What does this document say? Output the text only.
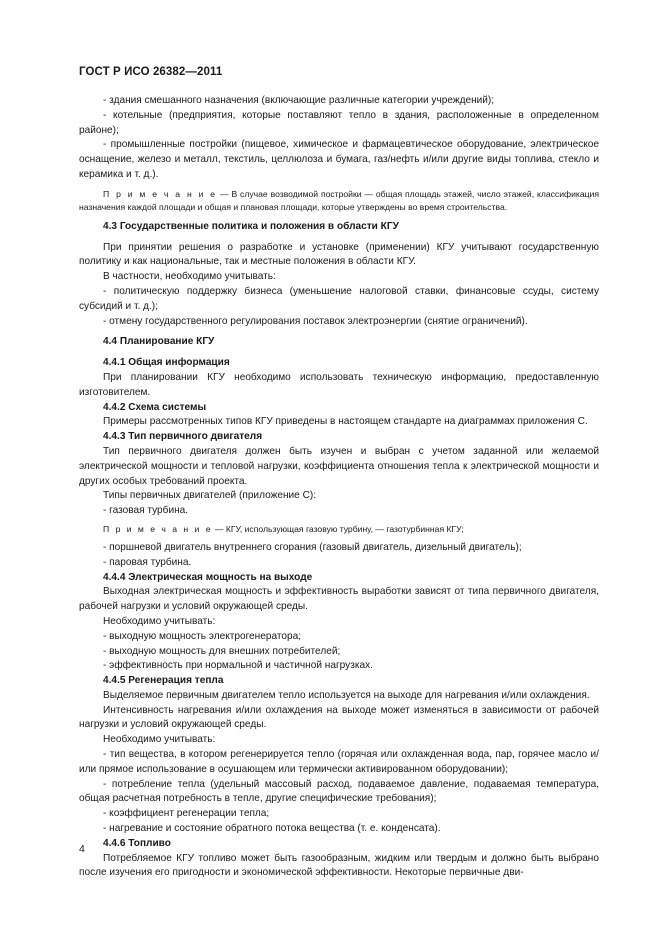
ГОСТ Р ИСО 26382—2011

- здания смешанного назначения (включающие различные категории учреждений);

- котельные (предприятия, которые поставляют тепло в здания, расположенные в определенном районе);

- промышленные постройки (пищевое, химическое и фармацевтическое оборудование, электрическое оснащение, железо и металл, текстиль, целлюлоза и бумага, газ/нефть и/или другие виды топлива, стекло и керамика и т. д.).

П р и м е ч а н и е — В случае возводимой постройки — общая площадь этажей, число этажей, классификация назначения каждой площади и общая и плановая площади, которые утверждены во время строительства.

4.3 Государственные политика и положения в области КГУ

При принятии решения о разработке и установке (применении) КГУ учитывают государственную политику и как национальные, так и местные положения в области КГУ.

В частности, необходимо учитывать:

- политическую поддержку бизнеса (уменьшение налоговой ставки, финансовые ссуды, систему субсидий и т. д.);

- отмену государственного регулирования поставок электроэнергии (снятие ограничений).

4.4 Планирование КГУ

4.4.1 Общая информация

При планировании КГУ необходимо использовать техническую информацию, предоставленную изготовителем.

4.4.2 Схема системы

Примеры рассмотренных типов КГУ приведены в настоящем стандарте на диаграммах приложения С.

4.4.3 Тип первичного двигателя

Тип первичного двигателя должен быть изучен и выбран с учетом заданной или желаемой электрической мощности и тепловой нагрузки, коэффициента отношения тепла к электрической мощности и других особых требований проекта.

Типы первичных двигателей (приложение С):

- газовая турбина.

П р и м е ч а н и е — КГУ, использующая газовую турбину, — газотурбинная КГУ;

- поршневой двигатель внутреннего сгорания (газовый двигатель, дизельный двигатель);

- паровая турбина.

4.4.4 Электрическая мощность на выходе

Выходная электрическая мощность и эффективность выработки зависят от типа первичного двигателя, рабочей нагрузки и условий окружающей среды.

Необходимо учитывать:

- выходную мощность электрогенератора;

- выходную мощность для внешних потребителей;

- эффективность при нормальной и частичной нагрузках.

4.4.5 Регенерация тепла

Выделяемое первичным двигателем тепло используется на выходе для нагревания и/или охлаждения.

Интенсивность нагревания и/или охлаждения на выходе может изменяться в зависимости от рабочей нагрузки и условий окружающей среды.

Необходимо учитывать:

- тип вещества, в котором регенерируется тепло (горячая или охлажденная вода, пар, горячее масло и/или прямое использование в осушающем или термически активированном оборудовании);

- потребление тепла (удельный массовый расход, подаваемое давление, подаваемая температура, общая расчетная потребность в тепле, другие специфические требования);

- коэффициент регенерации тепла;

- нагревание и состояние обратного потока вещества (т. е. конденсата).

4.4.6 Топливо

Потребляемое КГУ топливо может быть газообразным, жидким или твердым и должно быть выбрано после изучения его пригодности и экономической эффективности. Некоторые первичные дви-

4
